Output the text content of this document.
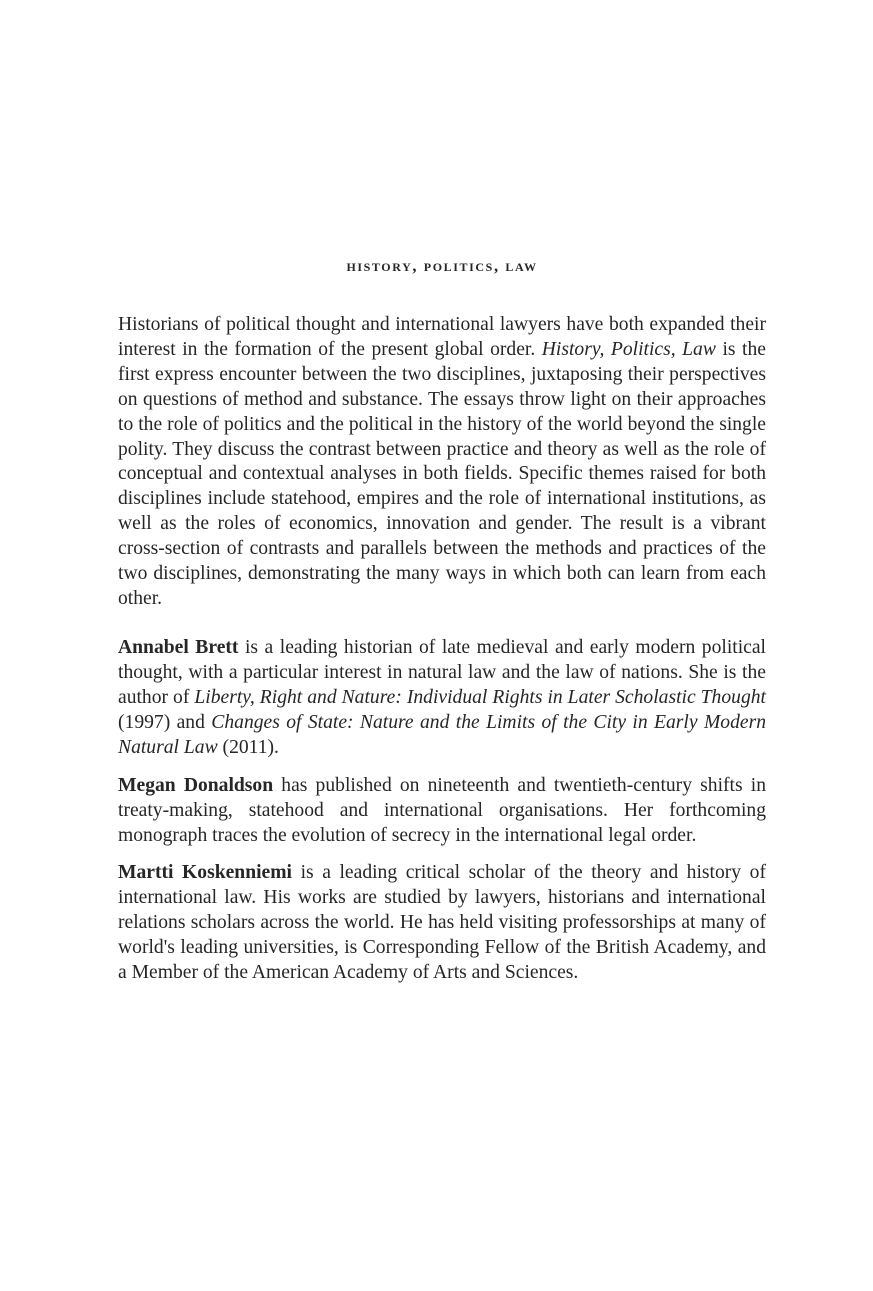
history, politics, law

Historians of political thought and international lawyers have both expanded their interest in the formation of the present global order. History, Politics, Law is the first express encounter between the two disciplines, juxtaposing their perspectives on questions of method and substance. The essays throw light on their approaches to the role of politics and the political in the history of the world beyond the single polity. They discuss the contrast between practice and theory as well as the role of conceptual and contextual analyses in both fields. Specific themes raised for both disciplines include statehood, empires and the role of international institutions, as well as the roles of economics, innovation and gender. The result is a vibrant cross-section of contrasts and parallels between the methods and practices of the two disciplines, demonstrating the many ways in which both can learn from each other.

Annabel Brett is a leading historian of late medieval and early modern political thought, with a particular interest in natural law and the law of nations. She is the author of Liberty, Right and Nature: Individual Rights in Later Scholastic Thought (1997) and Changes of State: Nature and the Limits of the City in Early Modern Natural Law (2011).

Megan Donaldson has published on nineteenth and twentieth-century shifts in treaty-making, statehood and international organisations. Her forthcoming monograph traces the evolution of secrecy in the international legal order.

Martti Koskenniemi is a leading critical scholar of the theory and history of international law. His works are studied by lawyers, historians and international relations scholars across the world. He has held visiting professorships at many of world's leading universities, is Corresponding Fellow of the British Academy, and a Member of the American Academy of Arts and Sciences.
